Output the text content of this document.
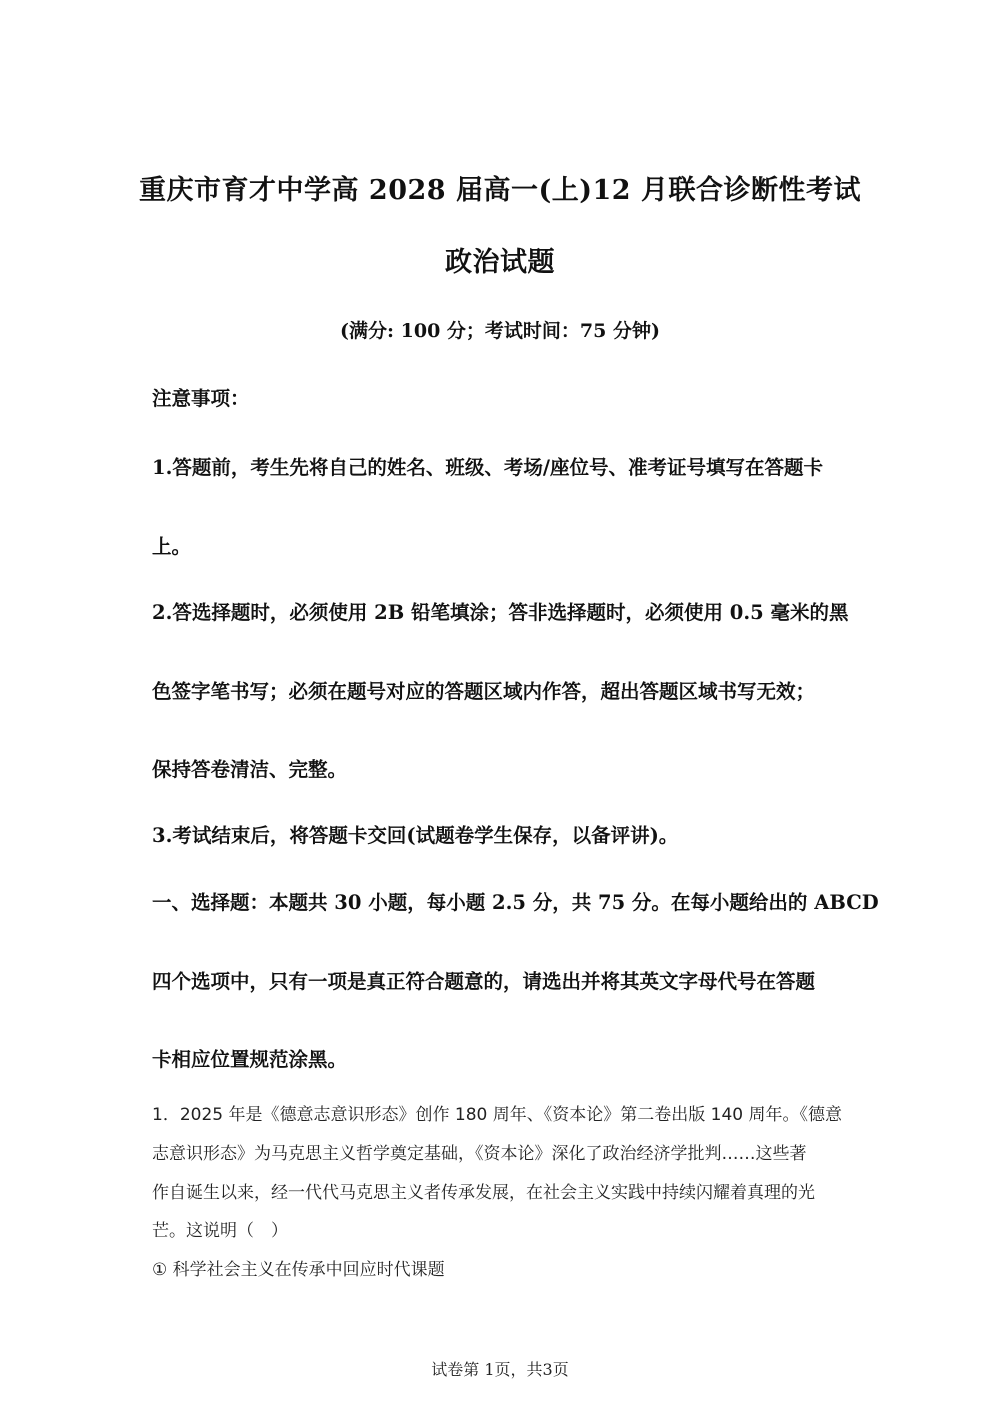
重庆市育才中学高 2028 届高一(上)12 月联合诊断性考试
政治试题
(满分: 100 分；考试时间：75 分钟)
注意事项：
1.答题前，考生先将自己的姓名、班级、考场/座位号、准考证号填写在答题卡
上。
2.答选择题时，必须使用 2B 铅笔填涂；答非选择题时，必须使用 0.5 毫米的黑
色签字笔书写；必须在题号对应的答题区域内作答，超出答题区域书写无效；
保持答卷清洁、完整。
3.考试结束后，将答题卡交回(试题卷学生保存，以备评讲)。
一、选择题：本题共 30 小题，每小题 2.5 分，共 75 分。在每小题给出的 ABCD
四个选项中，只有一项是真正符合题意的，请选出并将其英文字母代号在答题
卡相应位置规范涂黑。
1．2025 年是《德意志意识形态》创作 180 周年、《资本论》第二卷出版 140 周年。《德意
志意识形态》为马克思主义哲学奠定基础，《资本论》深化了政治经济学批判……这些著
作自诞生以来，经一代代马克思主义者传承发展，在社会主义实践中持续闪耀着真理的光
芒。这说明（　）
① 科学社会主义在传承中回应时代课题
试卷第 1页，共3页
